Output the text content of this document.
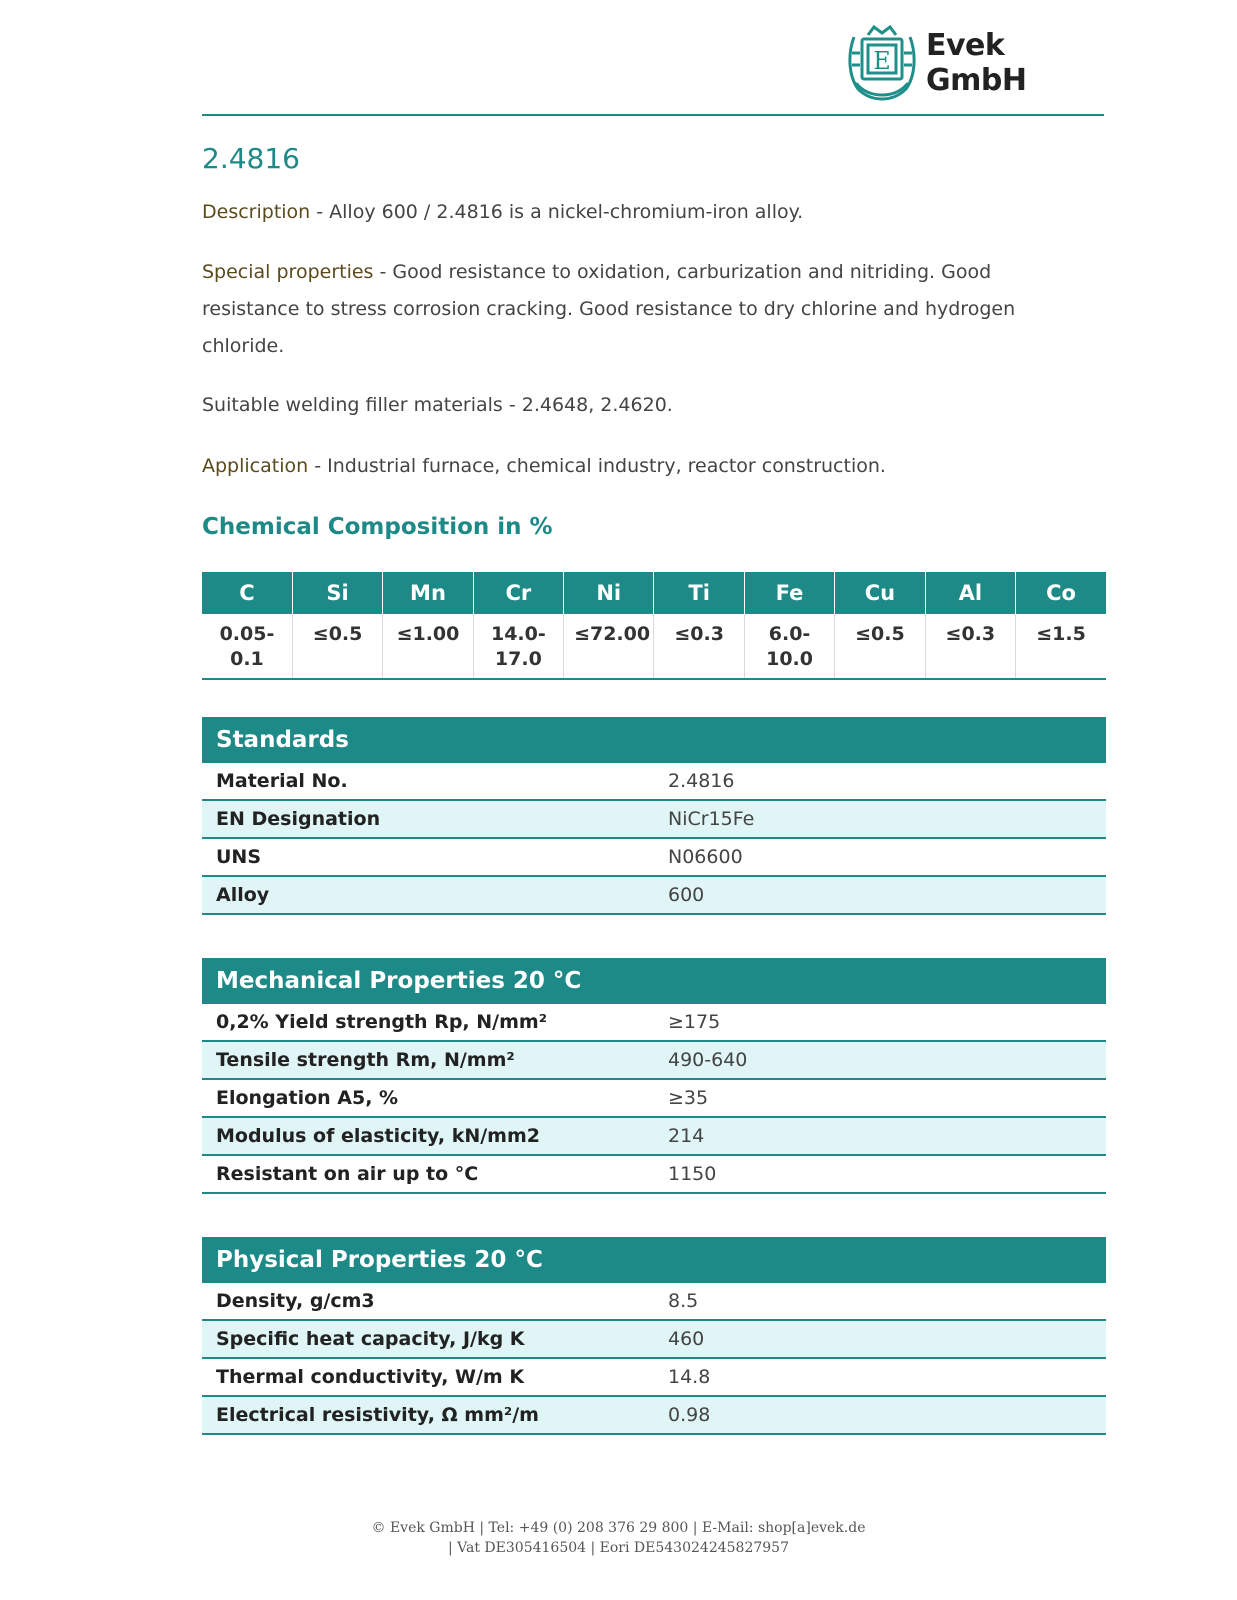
E Evek GmbH
2.4816

Description - Alloy 600 / 2.4816 is a nickel-chromium-iron alloy.

Special properties - Good resistance to oxidation, carburization and nitriding. Good resistance to stress corrosion cracking. Good resistance to dry chlorine and hydrogen chloride.

Suitable welding filler materials - 2.4648, 2.4620.

Application - Industrial furnace, chemical industry, reactor construction.

Chemical Composition in %
C	Si	Mn	Cr	Ni	Ti	Fe	Cu	Al	Co
0.05-0.1	≤0.5	≤1.00	14.0-17.0	≤72.00	≤0.3	6.0-10.0	≤0.5	≤0.3	≤1.5
Standards	
Material No.	2.4816
EN Designation	NiCr15Fe
UNS	N06600
Alloy	600
Mechanical Properties 20 °C	
0,2% Yield strength Rp, N/mm²	≥175
Tensile strength Rm, N/mm²	490-640
Elongation A5, %	≥35
Modulus of elasticity, kN/mm2	214
Resistant on air up to °C	1150
Physical Properties 20 °C	
Density, g/cm3	8.5
Specific heat capacity, J/kg K	460
Thermal conductivity, W/m K	14.8
Electrical resistivity, Ω mm²/m	0.98
© Evek GmbH | Tel: +49 (0) 208 376 29 800 | E-Mail: shop[a]evek.de
| Vat DE305416504 | Eori DE543024245827957
